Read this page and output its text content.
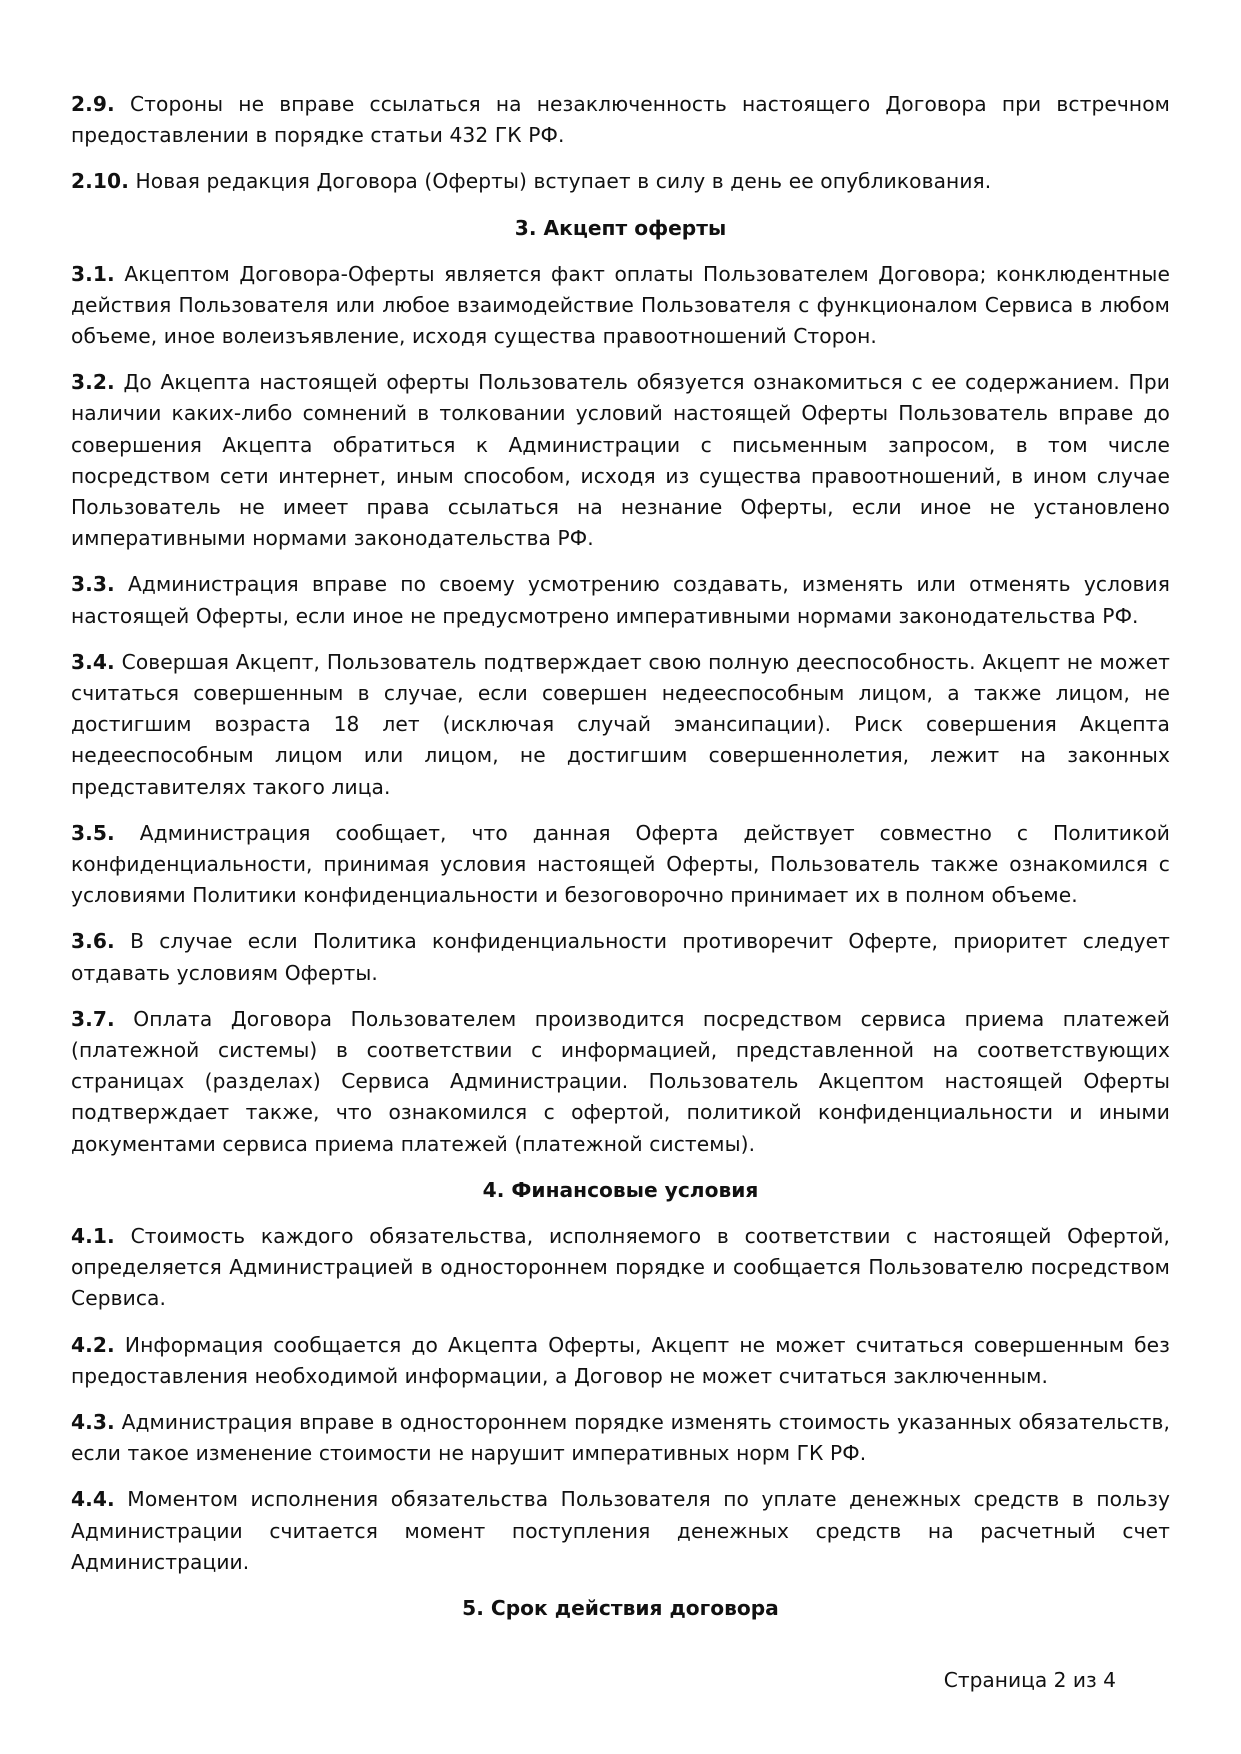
2.9. Стороны не вправе ссылаться на незаключенность настоящего Договора при встречном предоставлении в порядке статьи 432 ГК РФ.

2.10. Новая редакция Договора (Оферты) вступает в силу в день ее опубликования.

3. Акцепт оферты

3.1. Акцептом Договора-Оферты является факт оплаты Пользователем Договора; конклюдентные действия Пользователя или любое взаимодействие Пользователя с функционалом Сервиса в любом объеме, иное волеизъявление, исходя существа правоотношений Сторон.

3.2. До Акцепта настоящей оферты Пользователь обязуется ознакомиться с ее содержанием. При наличии каких-либо сомнений в толковании условий настоящей Оферты Пользователь вправе до совершения Акцепта обратиться к Администрации с письменным запросом, в том числе посредством сети интернет, иным способом, исходя из существа правоотношений, в ином случае Пользователь не имеет права ссылаться на незнание Оферты, если иное не установлено императивными нормами законодательства РФ.

3.3. Администрация вправе по своему усмотрению создавать, изменять или отменять условия настоящей Оферты, если иное не предусмотрено императивными нормами законодательства РФ.

3.4. Совершая Акцепт, Пользователь подтверждает свою полную дееспособность. Акцепт не может считаться совершенным в случае, если совершен недееспособным лицом, а также лицом, не достигшим возраста 18 лет (исключая случай эмансипации). Риск совершения Акцепта недееспособным лицом или лицом, не достигшим совершеннолетия, лежит на законных представителях такого лица.

3.5. Администрация сообщает, что данная Оферта действует совместно с Политикой конфиденциальности, принимая условия настоящей Оферты, Пользователь также ознакомился с условиями Политики конфиденциальности и безоговорочно принимает их в полном объеме.

3.6. В случае если Политика конфиденциальности противоречит Оферте, приоритет следует отдавать условиям Оферты.

3.7. Оплата Договора Пользователем производится посредством сервиса приема платежей (платежной системы) в соответствии с информацией, представленной на соответствующих страницах (разделах) Сервиса Администрации. Пользователь Акцептом настоящей Оферты подтверждает также, что ознакомился с офертой, политикой конфиденциальности и иными документами сервиса приема платежей (платежной системы).

4. Финансовые условия

4.1. Стоимость каждого обязательства, исполняемого в соответствии с настоящей Офертой, определяется Администрацией в одностороннем порядке и сообщается Пользователю посредством Сервиса.

4.2. Информация сообщается до Акцепта Оферты, Акцепт не может считаться совершенным без предоставления необходимой информации, а Договор не может считаться заключенным.

4.3. Администрация вправе в одностороннем порядке изменять стоимость указанных обязательств, если такое изменение стоимости не нарушит императивных норм ГК РФ.

4.4. Моментом исполнения обязательства Пользователя по уплате денежных средств в пользу Администрации считается момент поступления денежных средств на расчетный счет Администрации.

5. Срок действия договора
Страница 2 из 4
